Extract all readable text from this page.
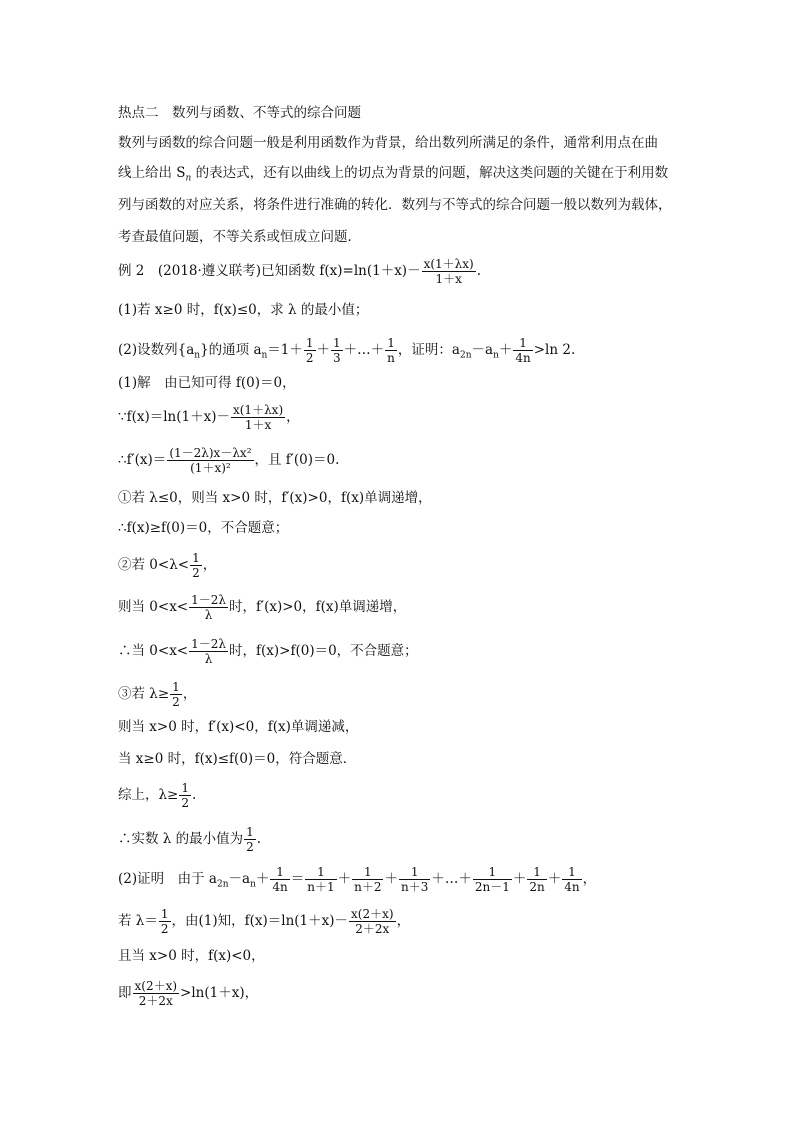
热点二　数列与函数、不等式的综合问题
数列与函数的综合问题一般是利用函数作为背景，给出数列所满足的条件，通常利用点在曲
线上给出 $S_n$ 的表达式，还有以曲线上的切点为背景的问题，解决这类问题的关键在于利用数
列与函数的对应关系，将条件进行准确的转化．数列与不等式的综合问题一般以数列为载体，
考查最值问题，不等关系或恒成立问题．
例 2　 (2018·遵义联考)已知函数 $f(x)=\ln(1+x)- \frac{x(1+\lambda x)}{1+x}$ .
(1)若 x≥0 时，f(x)≤0，求 λ 的最小值；
(2)设数列$\{a_n\}$的通项 $a_n=1+ \frac{1}{2} + \frac{1}{3}$ ＋…＋ $\frac{1}{n}$ ，证明：$a_{2n}-a_n+ \frac{1}{4n} >\ln$ 2.
(1)解　由已知可得 f(0)＝0，
∵f(x)＝ln(1＋x)－ $\frac{x(1+\lambda x)}{1+x}$ ，
∴f′(x)＝ $\frac{\text{(1－2λ)x－λx²}}{\text{(1＋x)²}}$ ，且 f′(0)＝0.
①若 λ≤0，则当 x>0 时，f′(x)>0，f(x)单调递增，
∴f(x)≥f(0)＝0，不合题意；
②若 $0<\lambda< \frac{1}{2}$ ，
则当 $0<x< \frac{1-2\lambda}{\lambda}$ 时，f′(x)>0，f(x)单调递增，
∴当 $0<x< \frac{1-2\lambda}{\lambda}$ 时，f(x)>f(0)＝0，不合题意；
③若 $\lambda\ge \frac{1}{2}$ ，
则当 x>0 时，f′(x)<0，f(x)单调递减，
当 x≥0 时，f(x)≤f(0)＝0，符合题意．
综上，$\lambda\ge \frac{1}{2}$ .
∴实数 λ 的最小值为 $\frac{1}{2}$ .
(2)证明　由于 $a_{2n}-a_n+ \frac{1}{4n} = \frac{1}{n+1} + \frac{1}{n+2} + \frac{1}{n+3}$ ＋…＋ $\frac{1}{2n-1} + \frac{1}{2n} + \frac{1}{4n}$ ，
若 $\lambda= \frac{1}{2}$ ，由(1)知，$f(x)=\ln(1+x)- \frac{x(2+x)}{2+2x}$ ，
且当 x>0 时，f(x)<0，
即 $\frac{x(2+x)}{2+2x} >\ln(1+x)$，
